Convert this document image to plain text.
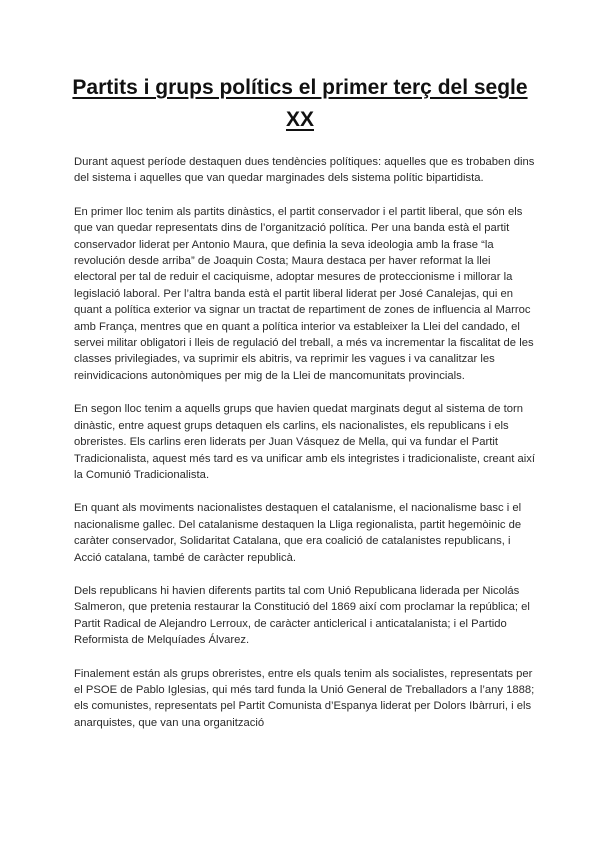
Partits i grups polítics el primer terç del segle XX

Durant aquest període destaquen dues tendències polítiques: aquelles que es trobaben dins del sistema i aquelles que van quedar marginades dels sistema polític bipartidista.

En primer lloc tenim als partits dinàstics, el partit conservador i el partit liberal, que són els que van quedar representats dins de l’organització política. Per una banda està el partit conservador liderat per Antonio Maura, que definia la seva ideologia amb la frase “la revolución desde arriba” de Joaquin Costa; Maura destaca per haver reformat la llei electoral per tal de reduir el caciquisme, adoptar mesures de proteccionisme i millorar la legislació laboral. Per l’altra banda està el partit liberal liderat per José Canalejas, qui en quant a política exterior va signar un tractat de repartiment de zones de influencia al Marroc amb França, mentres que en quant a política interior va estableixer la Llei del candado, el servei militar obligatori i lleis de regulació del treball, a més va incrementar la fiscalitat de les classes privilegiades, va suprimir els abitris, va reprimir les vagues i va canalitzar les reinvidicacions autonòmiques per mig de la Llei de mancomunitats provincials.

En segon lloc tenim a aquells grups que havien quedat marginats degut al sistema de torn dinàstic, entre aquest grups detaquen els carlins, els nacionalistes, els republicans i els obreristes. Els carlins eren liderats per Juan Vásquez de Mella, qui va fundar el Partit Tradicionalista, aquest més tard es va unificar amb els integristes i tradicionaliste, creant així la Comunió Tradicionalista.

En quant als moviments nacionalistes destaquen el catalanisme, el nacionalisme basc i el nacionalisme gallec. Del catalanisme destaquen la Lliga regionalista, partit hegemòinic de caràter conservador, Solidaritat Catalana, que era coalició de catalanistes republicans, i Acció catalana, també de caràcter republicà.

Dels republicans hi havien diferents partits tal com Unió Republicana liderada per Nicolás Salmeron, que pretenia restaurar la Constitució del 1869 així com proclamar la república; el Partit Radical de Alejandro Lerroux, de caràcter anticlerical i anticatalanista; i el Partido Reformista de Melquíades Álvarez.

Finalement están als grups obreristes, entre els quals tenim als socialistes, representats per el PSOE de Pablo Iglesias, qui més tard funda la Unió General de Treballadors a l’any 1888; els comunistes, representats pel Partit Comunista d’Espanya liderat per Dolors Ibàrruri, i els anarquistes, que van una organització
